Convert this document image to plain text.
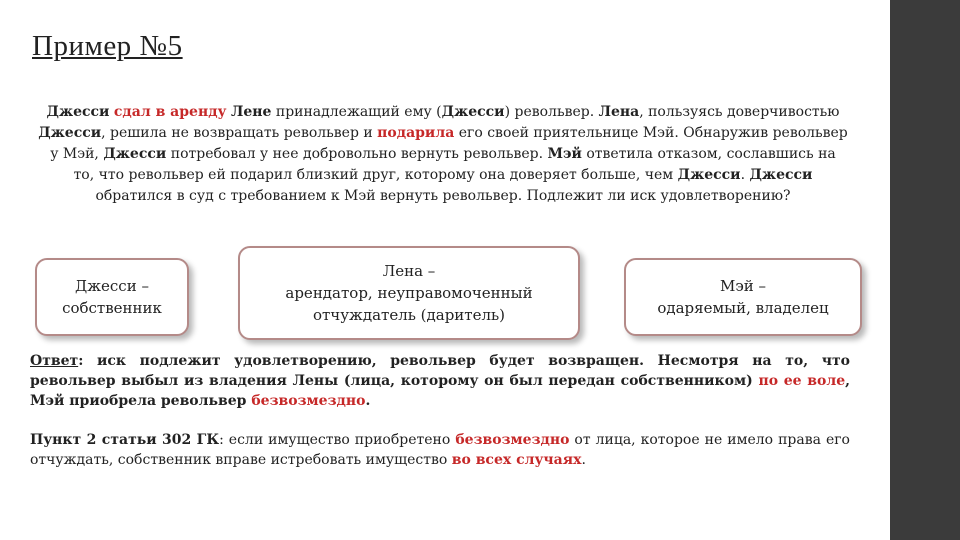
Пример №5
Джесси сдал в аренду Лене принадлежащий ему (Джесси) револьвер. Лена, пользуясь доверчивостью Джесси, решила не возвращать револьвер и подарила его своей приятельнице Мэй. Обнаружив револьвер у Мэй, Джесси потребовал у нее добровольно вернуть револьвер. Мэй ответила отказом, сославшись на то, что револьвер ей подарил близкий друг, которому она доверяет больше, чем Джесси. Джесси обратился в суд с требованием к Мэй вернуть револьвер. Подлежит ли иск удовлетворению?
Джесси –
собственник
Лена –
арендатор, неуправомоченный
отчуждатель (даритель)
Мэй –
одаряемый, владелец
Ответ: иск подлежит удовлетворению, револьвер будет возвращен. Несмотря на то, что револьвер выбыл из владения Лены (лица, которому он был передан собственником) по ее воле, Мэй приобрела револьвер безвозмездно.
Пункт 2 статьи 302 ГК: если имущество приобретено безвозмездно от лица, которое не имело права его отчуждать, собственник вправе истребовать имущество во всех случаях.
